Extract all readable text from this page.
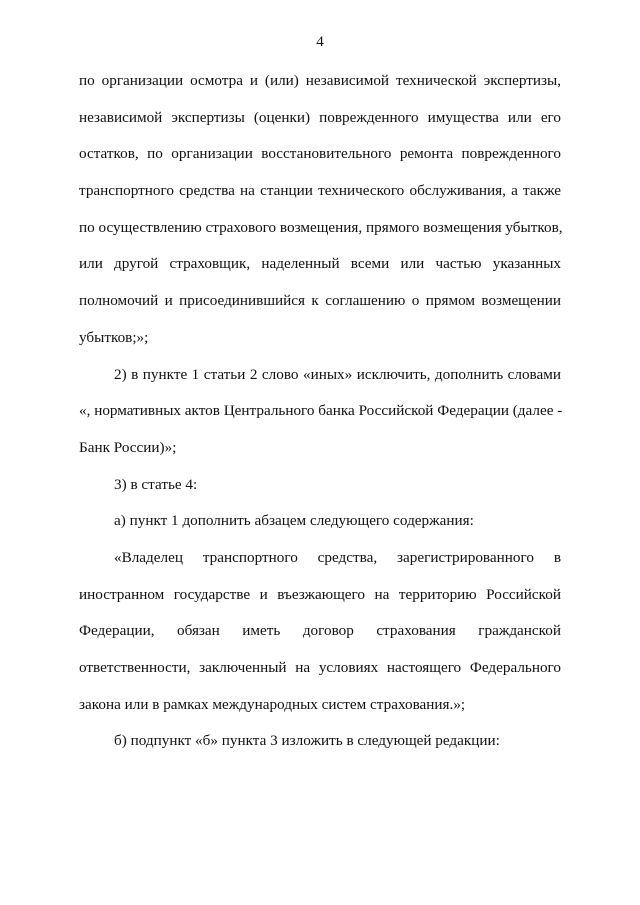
4
по организации осмотра и (или) независимой технической экспертизы,
независимой экспертизы (оценки) поврежденного имущества или его
остатков, по организации восстановительного ремонта поврежденного
транспортного средства на станции технического обслуживания, а также
по осуществлению страхового возмещения, прямого возмещения убытков,
или другой страховщик, наделенный всеми или частью указанных
полномочий и присоединившийся к соглашению о прямом возмещении
убытков;»;
2) в пункте 1 статьи 2 слово «иных» исключить, дополнить словами
«, нормативных актов Центрального банка Российской Федерации (далее -
Банк России)»;
3) в статье 4:
а) пункт 1 дополнить абзацем следующего содержания:
«Владелец транспортного средства, зарегистрированного в
иностранном государстве и въезжающего на территорию Российской
Федерации, обязан иметь договор страхования гражданской
ответственности, заключенный на условиях настоящего Федерального
закона или в рамках международных систем страхования.»;
б) подпункт «б» пункта 3 изложить в следующей редакции:
